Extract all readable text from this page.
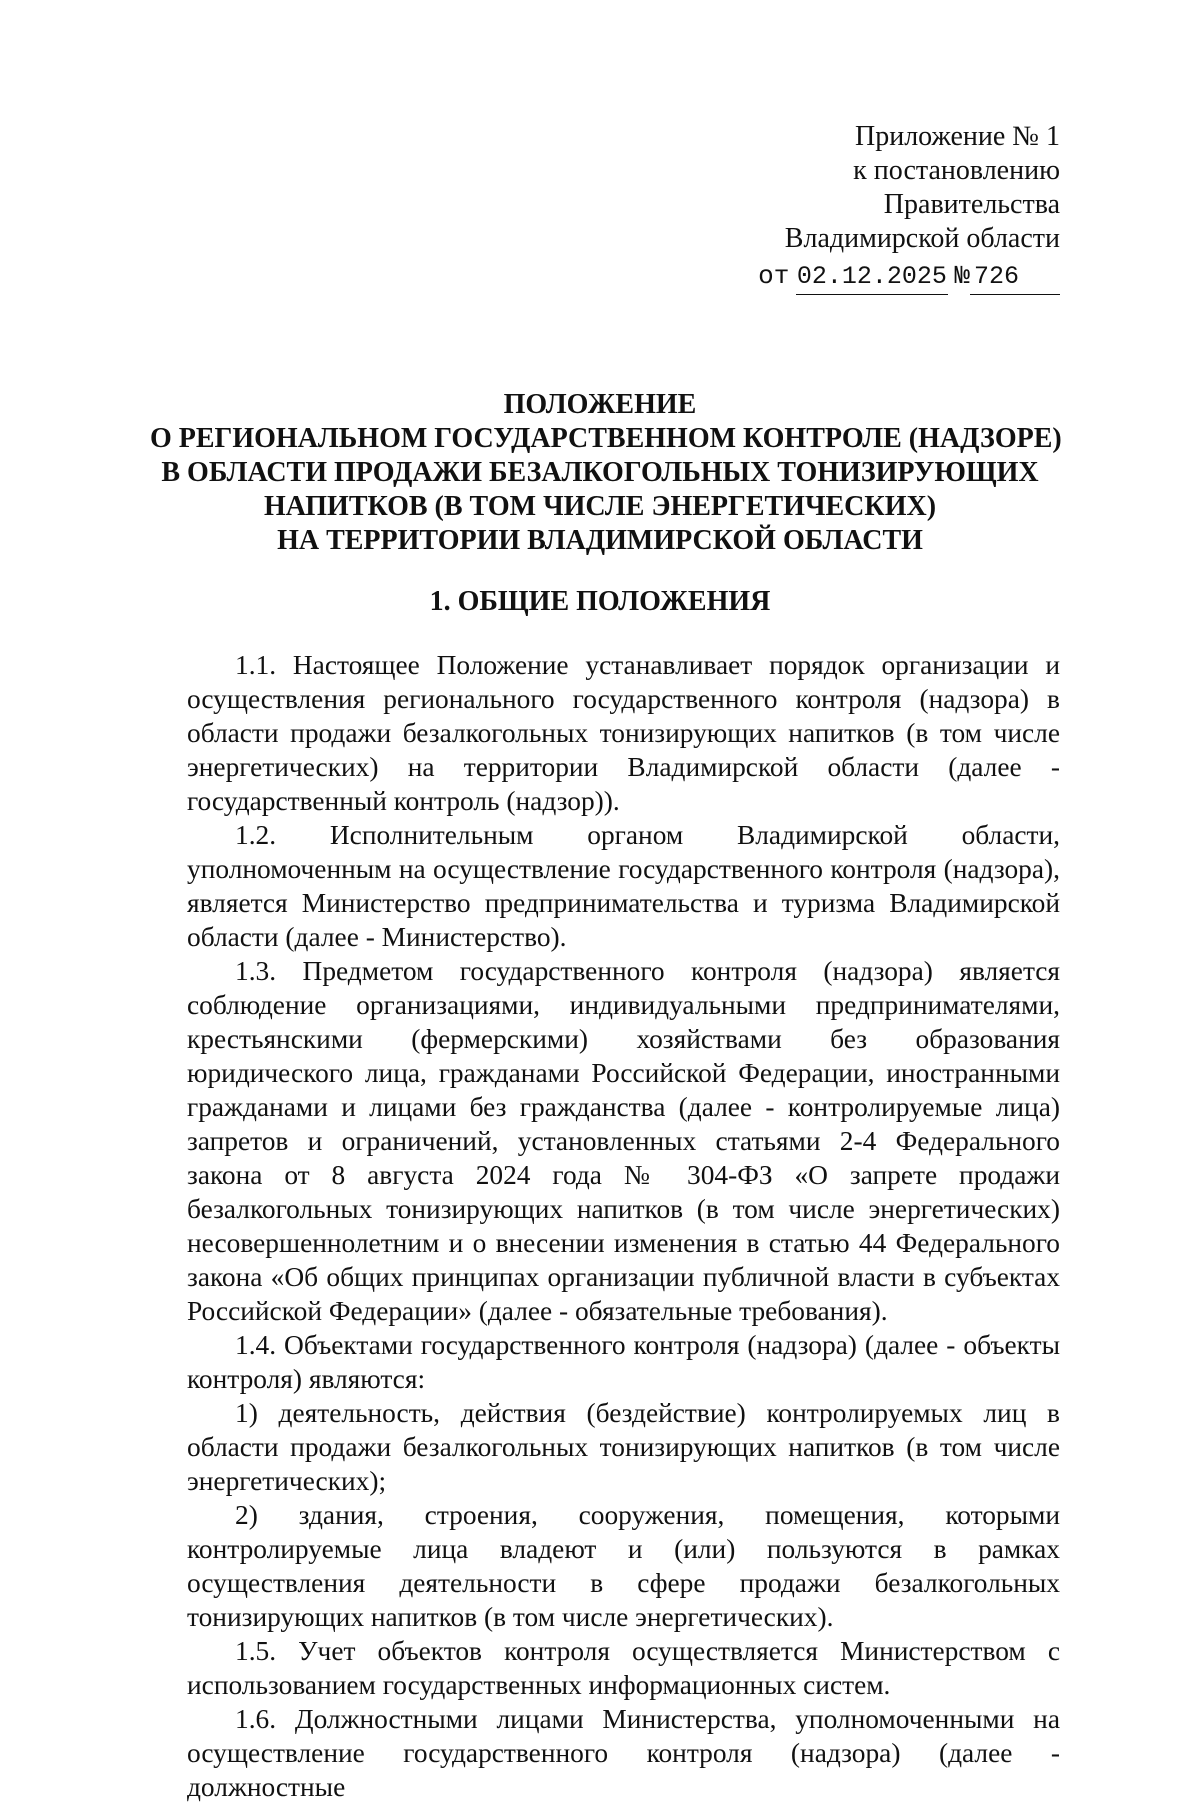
Приложение № 1
к постановлению
Правительства
Владимирской области
от 02.12.2025 № 726
ПОЛОЖЕНИЕ
О РЕГИОНАЛЬНОМ ГОСУДАРСТВЕННОМ КОНТРОЛЕ (НАДЗОРЕ)
В ОБЛАСТИ ПРОДАЖИ БЕЗАЛКОГОЛЬНЫХ ТОНИЗИРУЮЩИХ
НАПИТКОВ (В ТОМ ЧИСЛЕ ЭНЕРГЕТИЧЕСКИХ)
НА ТЕРРИТОРИИ ВЛАДИМИРСКОЙ ОБЛАСТИ
1. ОБЩИЕ ПОЛОЖЕНИЯ

1.1. Настоящее Положение устанавливает порядок организации и осуществления регионального государственного контроля (надзора) в области продажи безалкогольных тонизирующих напитков (в том числе энергетических) на территории Владимирской области (далее - государственный контроль (надзор)).

1.2. Исполнительным органом Владимирской области, уполномоченным на осуществление государственного контроля (надзора), является Министерство предпринимательства и туризма Владимирской области (далее - Министерство).

1.3. Предметом государственного контроля (надзора) является соблюдение организациями, индивидуальными предпринимателями, крестьянскими (фермерскими) хозяйствами без образования юридического лица, гражданами Российской Федерации, иностранными гражданами и лицами без гражданства (далее - контролируемые лица) запретов и ограничений, установленных статьями 2-4 Федерального закона от 8 августа 2024 года № 304-ФЗ «О запрете продажи безалкогольных тонизирующих напитков (в том числе энергетических) несовершеннолетним и о внесении изменения в статью 44 Федерального закона «Об общих принципах организации публичной власти в субъектах Российской Федерации» (далее - обязательные требования).

1.4. Объектами государственного контроля (надзора) (далее - объекты контроля) являются:

1) деятельность, действия (бездействие) контролируемых лиц в области продажи безалкогольных тонизирующих напитков (в том числе энергетических);

2) здания, строения, сооружения, помещения, которыми контролируемые лица владеют и (или) пользуются в рамках осуществления деятельности в сфере продажи безалкогольных тонизирующих напитков (в том числе энергетических).

1.5. Учет объектов контроля осуществляется Министерством с использованием государственных информационных систем.

1.6. Должностными лицами Министерства, уполномоченными на осуществление государственного контроля (надзора) (далее - должностные
